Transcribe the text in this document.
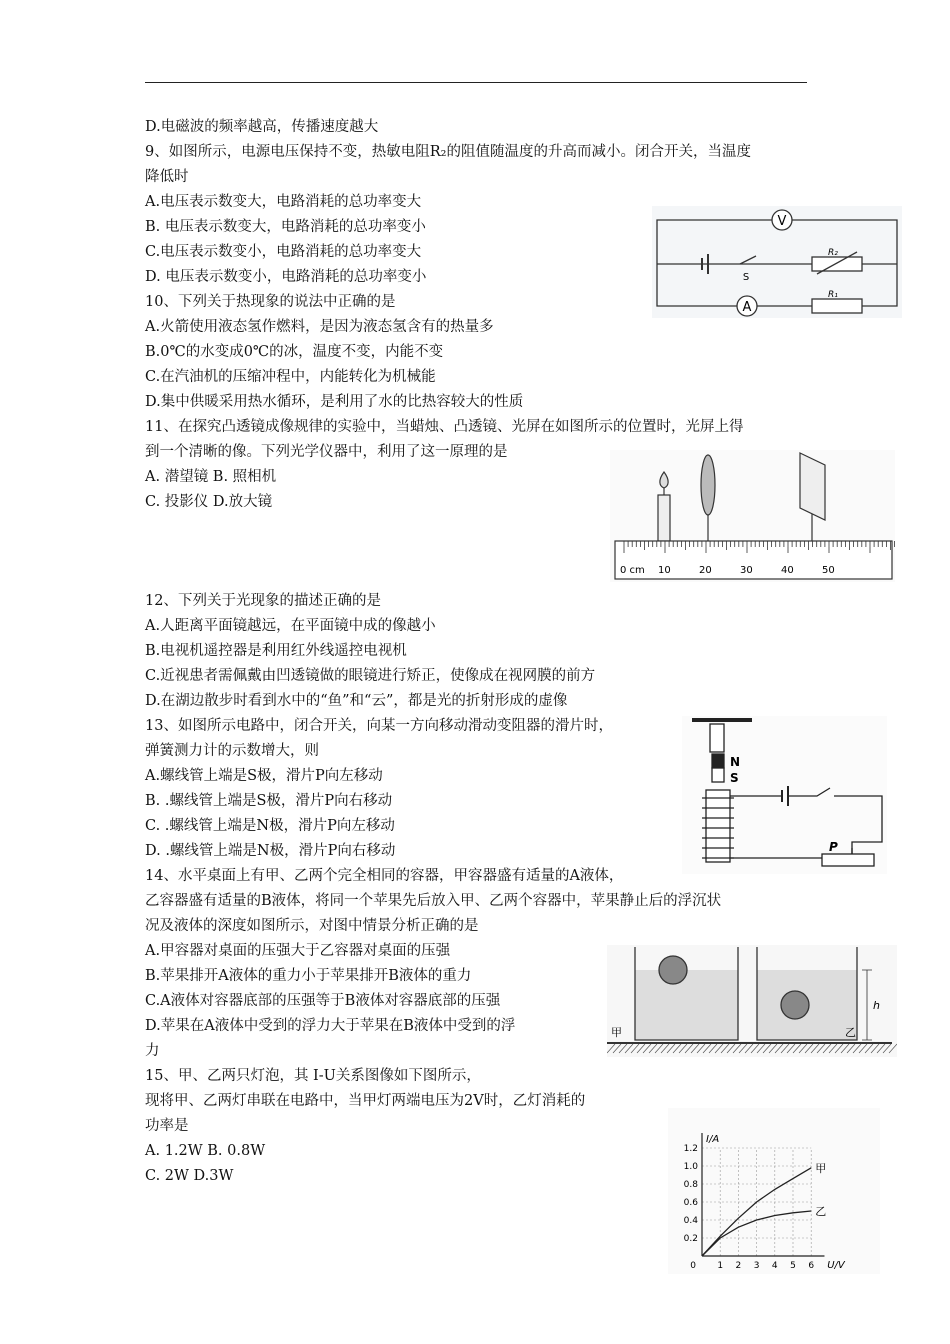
D.电磁波的频率越高，传播速度越大
9、如图所示，电源电压保持不变，热敏电阻R₂的阻值随温度的升高而减小。闭合开关，当温度
降低时
A.电压表示数变大，电路消耗的总功率变大
B. 电压表示数变大，电路消耗的总功率变小
C.电压表示数变小，电路消耗的总功率变大
D. 电压表示数变小，电路消耗的总功率变小
10、下列关于热现象的说法中正确的是
A.火箭使用液态氢作燃料，是因为液态氢含有的热量多
B.0℃的水变成0℃的冰，温度不变，内能不变
C.在汽油机的压缩冲程中，内能转化为机械能
D.集中供暖采用热水循环，是利用了水的比热容较大的性质
11、在探究凸透镜成像规律的实验中，当蜡烛、凸透镜、光屏在如图所示的位置时，光屏上得
到一个清晰的像。下列光学仪器中，利用了这一原理的是
A. 潜望镜 B. 照相机
C. 投影仪 D.放大镜
12、下列关于光现象的描述正确的是
A.人距离平面镜越远，在平面镜中成的像越小
B.电视机遥控器是利用红外线遥控电视机
C.近视患者需佩戴由凹透镜做的眼镜进行矫正，使像成在视网膜的前方
D.在湖边散步时看到水中的“鱼”和“云”，都是光的折射形成的虚像
13、如图所示电路中，闭合开关，向某一方向移动滑动变阻器的滑片时，
弹簧测力计的示数增大，则
A.螺线管上端是S极，滑片P向左移动
B. .螺线管上端是S极，滑片P向右移动
C. .螺线管上端是N极，滑片P向左移动
D. .螺线管上端是N极，滑片P向右移动
14、水平桌面上有甲、乙两个完全相同的容器，甲容器盛有适量的A液体，
乙容器盛有适量的B液体，将同一个苹果先后放入甲、乙两个容器中，苹果静止后的浮沉状
况及液体的深度如图所示，对图中情景分析正确的是
A.甲容器对桌面的压强大于乙容器对桌面的压强
B.苹果排开A液体的重力小于苹果排开B液体的重力
C.A液体对容器底部的压强等于B液体对容器底部的压强
D.苹果在A液体中受到的浮力大于苹果在B液体中受到的浮
力
15、甲、乙两只灯泡，其 I-U关系图像如下图所示，
现将甲、乙两灯串联在电路中，当甲灯两端电压为2V时，乙灯消耗的
功率是
A. 1.2W B. 0.8W
C. 2W D.3W
V
A
S
R₂
R₁
0 cm 10	20	30	40	50
N
S
P
甲	乙
h
甲
乙
1 2 3 4 5 6
0.2
0.4
0.6
0.8
1.0
1.2
0	U/V
I/A
